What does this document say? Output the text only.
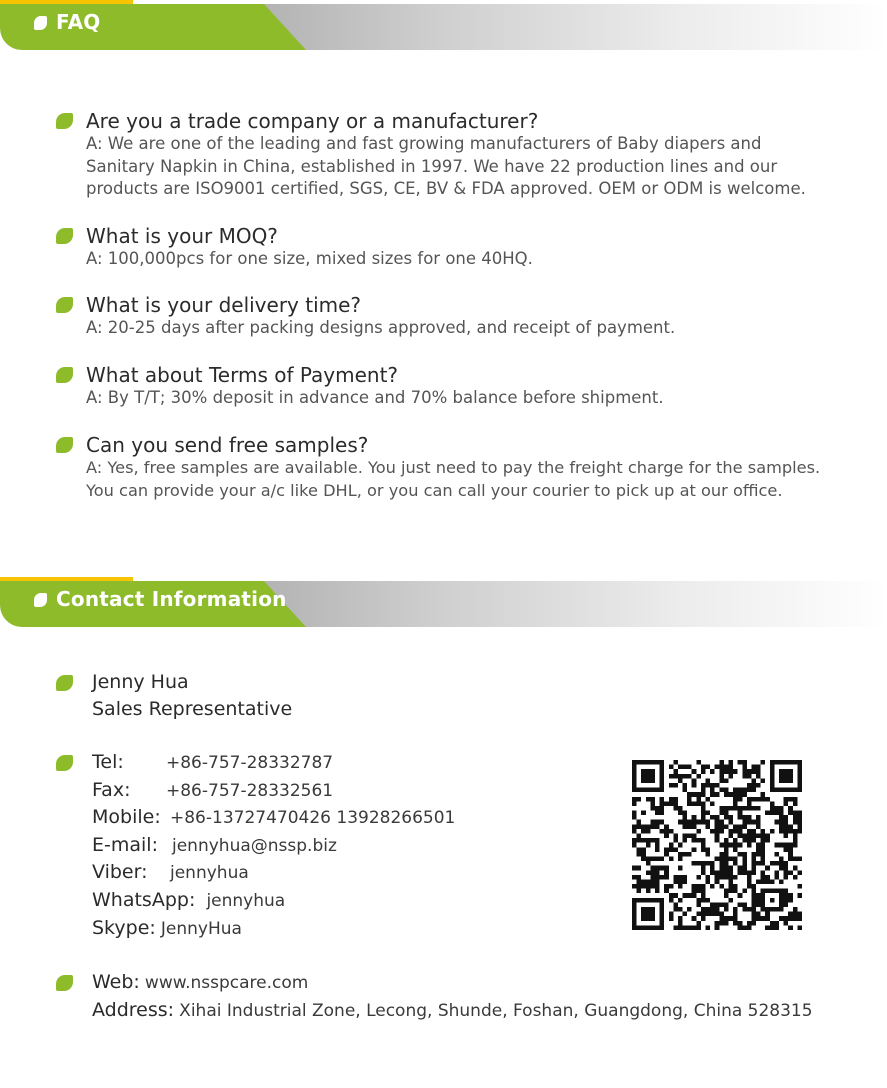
FAQ
Are you a trade company or a manufacturer?
A: We are one of the leading and fast growing manufacturers of Baby diapers and
Sanitary Napkin in China, established in 1997. We have 22 production lines and our
products are ISO9001 certified, SGS, CE, BV & FDA approved. OEM or ODM is welcome.
What is your MOQ?
A: 100,000pcs for one size, mixed sizes for one 40HQ.
What is your delivery time?
A: 20-25 days after packing designs approved, and receipt of payment.
What about Terms of Payment?
A: By T/T; 30% deposit in advance and 70% balance before shipment.
Can you send free samples?
A: Yes, free samples are available. You just need to pay the freight charge for the samples.
You can provide your a/c like DHL, or you can call your courier to pick up at our office.
Contact Information
Jenny Hua
Sales Representative
Tel: +86-757-28332787
Fax: +86-757-28332561
Mobile: +86-13727470426 13928266501
E-mail: jennyhua@nssp.biz
Viber: jennyhua
WhatsApp: jennyhua
Skype: JennyHua
Web: www.nsspcare.com
Address: Xihai Industrial Zone, Lecong, Shunde, Foshan, Guangdong, China 528315
